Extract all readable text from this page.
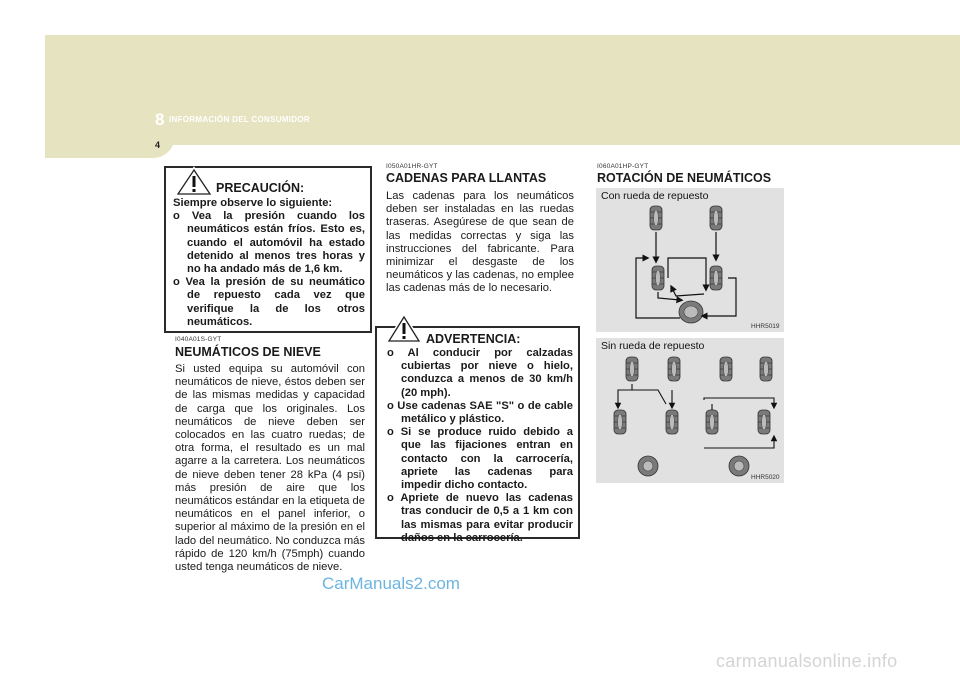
8 INFORMACIÓN DEL CONSUMIDOR
4
PRECAUCIÓN:
Siempre observe lo siguiente:
o Vea la presión cuando los neumáticos están fríos. Esto es, cuando el automóvil ha estado detenido al menos tres horas y no ha andado más de 1,6 km.
o Vea la presión de su neumático de repuesto cada vez que verifique la de los otros neumáticos.
I040A01S-GYT
NEUMÁTICOS DE NIEVE
Si usted equipa su automóvil con neumáticos de nieve, éstos deben ser de las mismas medidas y capacidad de carga que los originales. Los neumáticos de nieve deben ser colocados en las cuatro ruedas; de otra forma, el resultado es un mal agarre a la carretera. Los neumáticos de nieve deben tener 28 kPa (4 psi) más presión de aire que los neumáticos estándar en la etiqueta de neumáticos en el panel inferior, o superior al máximo de la presión en el lado del neumático. No conduzca más rápido de 120 km/h (75mph) cuando usted tenga neumáticos de nieve.
I050A01HR-GYT
CADENAS PARA LLANTAS
Las cadenas para los neumáticos deben ser instaladas en las ruedas traseras. Asegúrese de que sean de las medidas correctas y siga las instrucciones del fabricante. Para minimizar el desgaste de los neumáticos y las cadenas, no emplee las cadenas más de lo necesario.
ADVERTENCIA:
o Al conducir por calzadas cubiertas por nieve o hielo, conduzca a menos de 30 km/h (20 mph).
o Use cadenas SAE "S" o de cable metálico y plástico.
o Si se produce ruido debido a que las fijaciones entran en contacto con la carrocería, apriete las cadenas para impedir dicho contacto.
o Apriete de nuevo las cadenas tras conducir de 0,5 a 1 km con las mismas para evitar producir daños en la carrocería.
I060A01HP-GYT
ROTACIÓN DE NEUMÁTICOS
Con rueda de repuesto
HHR5019
Sin rueda de repuesto
HHR5020
CarManuals2.com
carmanualsonline.info
